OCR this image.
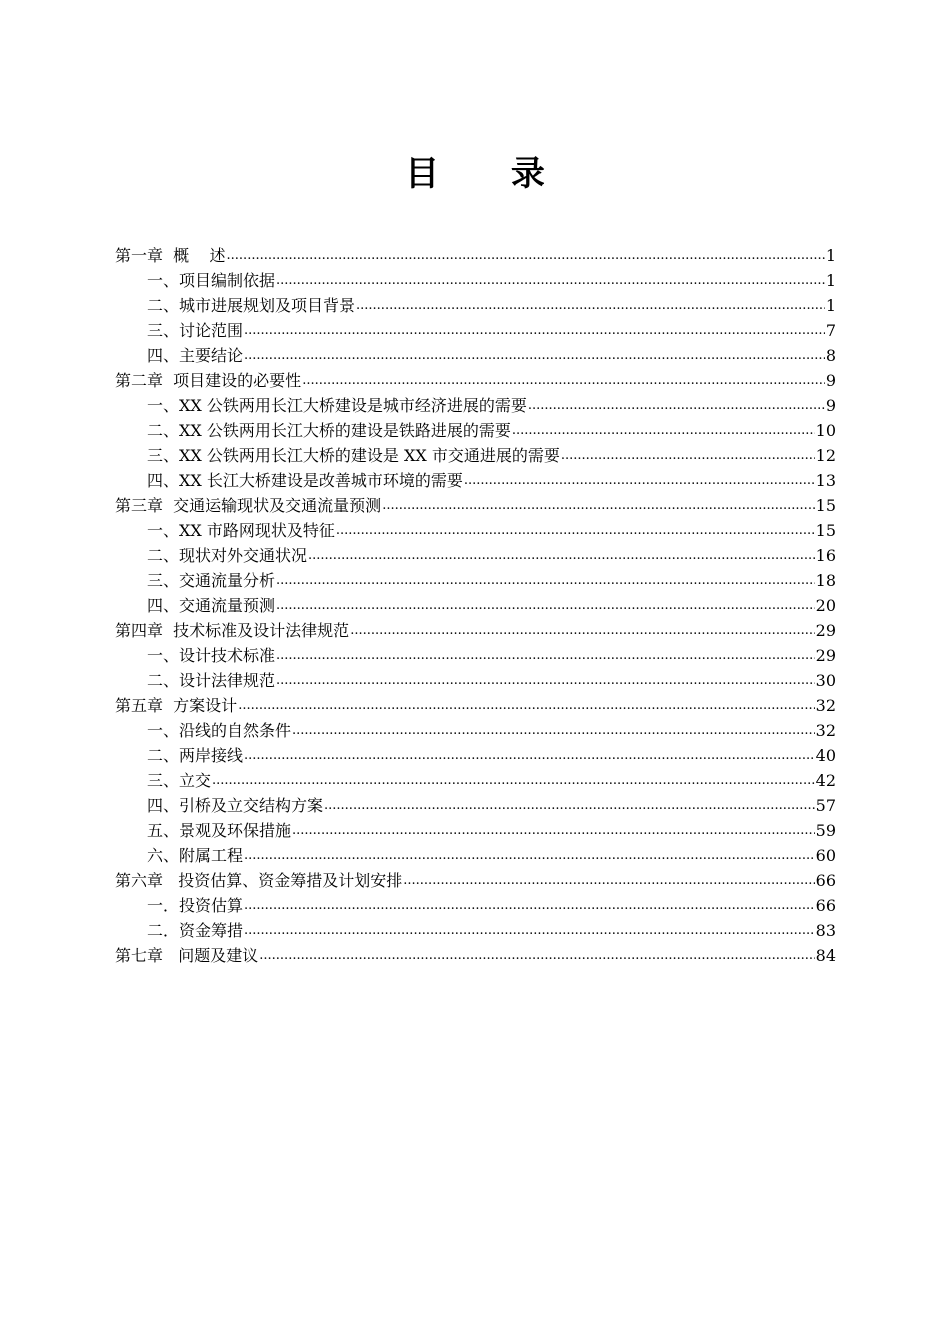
目 录
第一章  概    述 .....	1
一、项目编制依据 .....	1
二、城市进展规划及项目背景 .....	1
三、讨论范围 .....	7
四、主要结论 .....	8
第二章  项目建设的必要性 .....	9
一、XX 公铁两用长江大桥建设是城市经济进展的需要 .....	9
二、XX 公铁两用长江大桥的建设是铁路进展的需要 .....	10
三、XX 公铁两用长江大桥的建设是 XX 市交通进展的需要 .....	12
四、XX 长江大桥建设是改善城市环境的需要 .....	13
第三章  交通运输现状及交通流量预测 .....	15
一、XX 市路网现状及特征 .....	15
二、现状对外交通状况 .....	16
三、交通流量分析 .....	18
四、交通流量预测 .....	20
第四章  技术标准及设计法律规范 .....	29
一、设计技术标准 .....	29
二、设计法律规范 .....	30
第五章  方案设计 .....	32
一、沿线的自然条件 .....	32
二、两岸接线 .....	40
三、立交 .....	42
四、引桥及立交结构方案 .....	57
五、景观及环保措施 .....	59
六、附属工程 .....	60
第六章   投资估算、资金筹措及计划安排 .....	66
一．投资估算 .....	66
二．资金筹措 .....	83
第七章   问题及建议 .....	84
